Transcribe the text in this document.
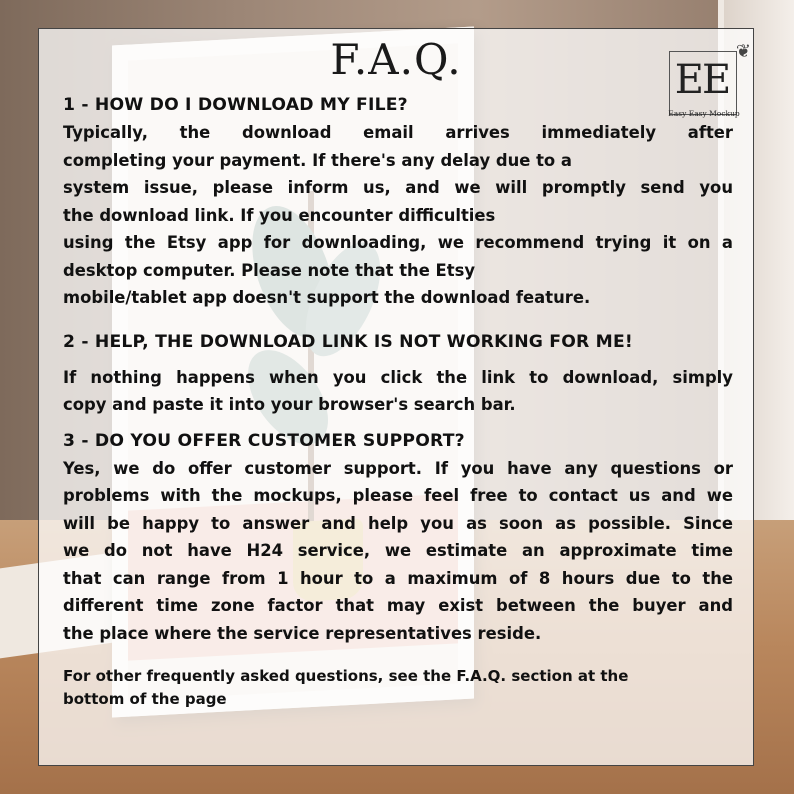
F.A.Q.	❦
EE
Easy Easy Mockup
1 - HOW DO I DOWNLOAD MY FILE?

Typically, the download email arrives immediately after
completing your payment. If there's any delay due to a
system issue, please inform us, and we will promptly send you
the download link. If you encounter difficulties
using the Etsy app for downloading, we recommend trying it on a
desktop computer. Please note that the Etsy
mobile/tablet app doesn't support the download feature.

2 - HELP, THE DOWNLOAD LINK IS NOT WORKING FOR ME!

If nothing happens when you click the link to download, simply
copy and paste it into your browser's search bar.

3 - DO YOU OFFER CUSTOMER SUPPORT?

Yes, we do offer customer support. If you have any questions or
problems with the mockups, please feel free to contact us and we
will be happy to answer and help you as soon as possible. Since
we do not have H24 service, we estimate an approximate time
that can range from 1 hour to a maximum of 8 hours due to the
different time zone factor that may exist between the buyer and
the place where the service representatives reside.

For other frequently asked questions, see the F.A.Q. section at the
bottom of the page
